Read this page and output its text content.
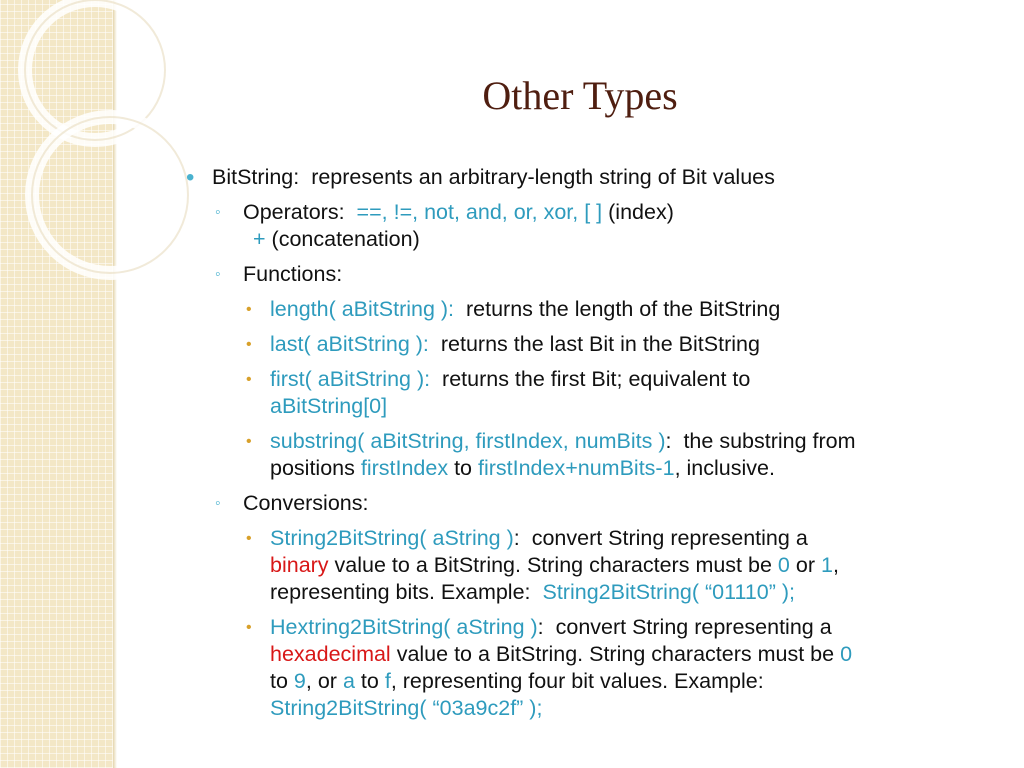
Other Types
• BitString: represents an arbitrary-length string of Bit values
◦ Operators: ==, !=, not, and, or, xor, [ ] (index)
+ (concatenation)
◦ Functions:
• length( aBitString ): returns the length of the BitString
• last( aBitString ): returns the last Bit in the BitString
• first( aBitString ): returns the first Bit; equivalent to
aBitString[0]
• substring( aBitString, firstIndex, numBits ): the substring from
positions firstIndex to firstIndex+numBits-1, inclusive.
◦ Conversions:
• String2BitString( aString ): convert String representing a
binary value to a BitString. String characters must be 0 or 1,
representing bits. Example: String2BitString( “01110” );
• Hextring2BitString( aString ): convert String representing a
hexadecimal value to a BitString. String characters must be 0
to 9, or a to f, representing four bit values. Example:
String2BitString( “03a9c2f” );
